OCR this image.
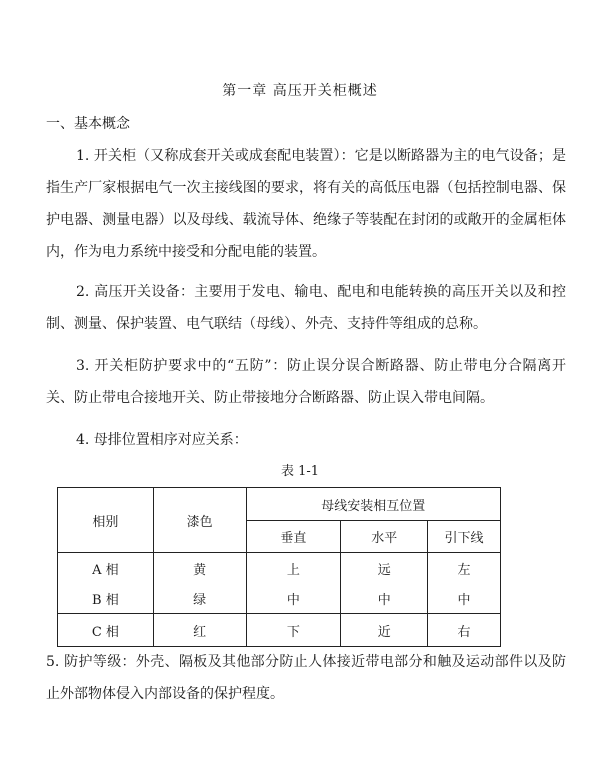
第一章 高压开关柜概述
一、基本概念
1. 开关柜（又称成套开关或成套配电装置）：它是以断路器为主的电气设备；是指生产厂家根据电气一次主接线图的要求，将有关的高低压电器（包括控制电器、保护电器、测量电器）以及母线、载流导体、绝缘子等装配在封闭的或敞开的金属柜体内，作为电力系统中接受和分配电能的装置。
2. 高压开关设备：主要用于发电、输电、配电和电能转换的高压开关以及和控制、测量、保护装置、电气联结（母线）、外壳、支持件等组成的总称。
3. 开关柜防护要求中的“五防”：防止误分误合断路器、防止带电分合隔离开关、防止带电合接地开关、防止带接地分合断路器、防止误入带电间隔。
4. 母排位置相序对应关系：
表 1-1
相别	漆色	母线安装相互位置		
		垂直	水平	引下线
A 相	黄	上	远	左
B 相	绿	中	中	中
C 相	红	下	近	右
5. 防护等级：外壳、隔板及其他部分防止人体接近带电部分和触及运动部件以及防止外部物体侵入内部设备的保护程度。
